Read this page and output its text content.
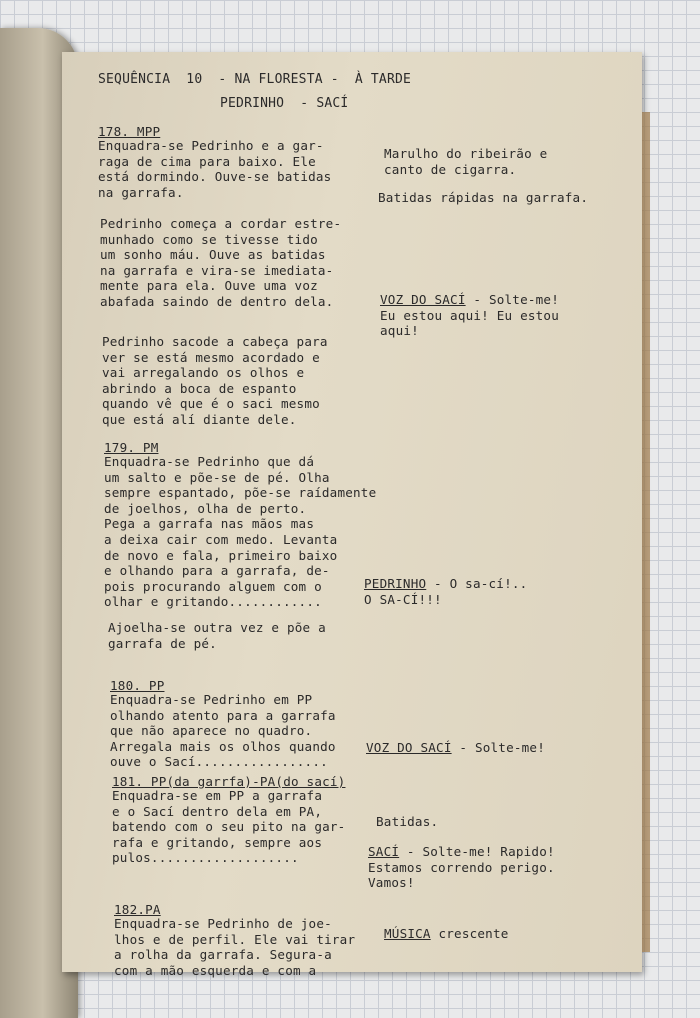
SEQUÊNCIA  10  - NA FLORESTA -  À TARDE

PEDRINHO  - SACÍ

178. MPP

Enquadra-se Pedrinho e a gar-
raga de cima para baixo. Ele
está dormindo. Ouve-se batidas
na garrafa.

Marulho do ribeirão e
canto de cigarra.

Batidas rápidas na garrafa.

Pedrinho começa a cordar estre-
munhado como se tivesse tido
um sonho máu. Ouve as batidas
na garrafa e vira-se imediata-
mente para ela. Ouve uma voz
abafada saindo de dentro dela.	VOZ DO SACÍ - Solte-me!
Eu estou aqui! Eu estou
aqui!

Pedrinho sacode a cabeça para
ver se está mesmo acordado e
vai arregalando os olhos e
abrindo a boca de espanto
quando vê que é o saci mesmo
que está alí diante dele.

179. PM

Enquadra-se Pedrinho que dá
um salto e põe-se de pé. Olha
sempre espantado, põe-se raídamente
de joelhos, olha de perto.
Pega a garrafa nas mãos mas
a deixa cair com medo. Levanta
de novo e fala, primeiro baixo
e olhando para a garrafa, de-
pois procurando alguem com o
olhar e gritando............

PEDRINHO - O sa-cí!..
O SA-CÍ!!!

Ajoelha-se outra vez e põe a
garrafa de pé.

180. PP

Enquadra-se Pedrinho em PP
olhando atento para a garrafa
que não aparece no quadro.
Arregala mais os olhos quando
ouve o Sací.................

VOZ DO SACÍ - Solte-me!

181. PP(da garrfa)-PA(do sací)

Enquadra-se em PP a garrafa
e o Sací dentro dela em PA,
batendo com o seu pito na gar-
rafa e gritando, sempre aos
pulos...................

Batidas.

SACÍ - Solte-me! Rapido!
Estamos correndo perigo.
Vamos!

182.PA

Enquadra-se Pedrinho de joe-
lhos e de perfil. Ele vai tirar
a rolha da garrafa. Segura-a
com a mão esquerda e com a

MÚSICA crescente
